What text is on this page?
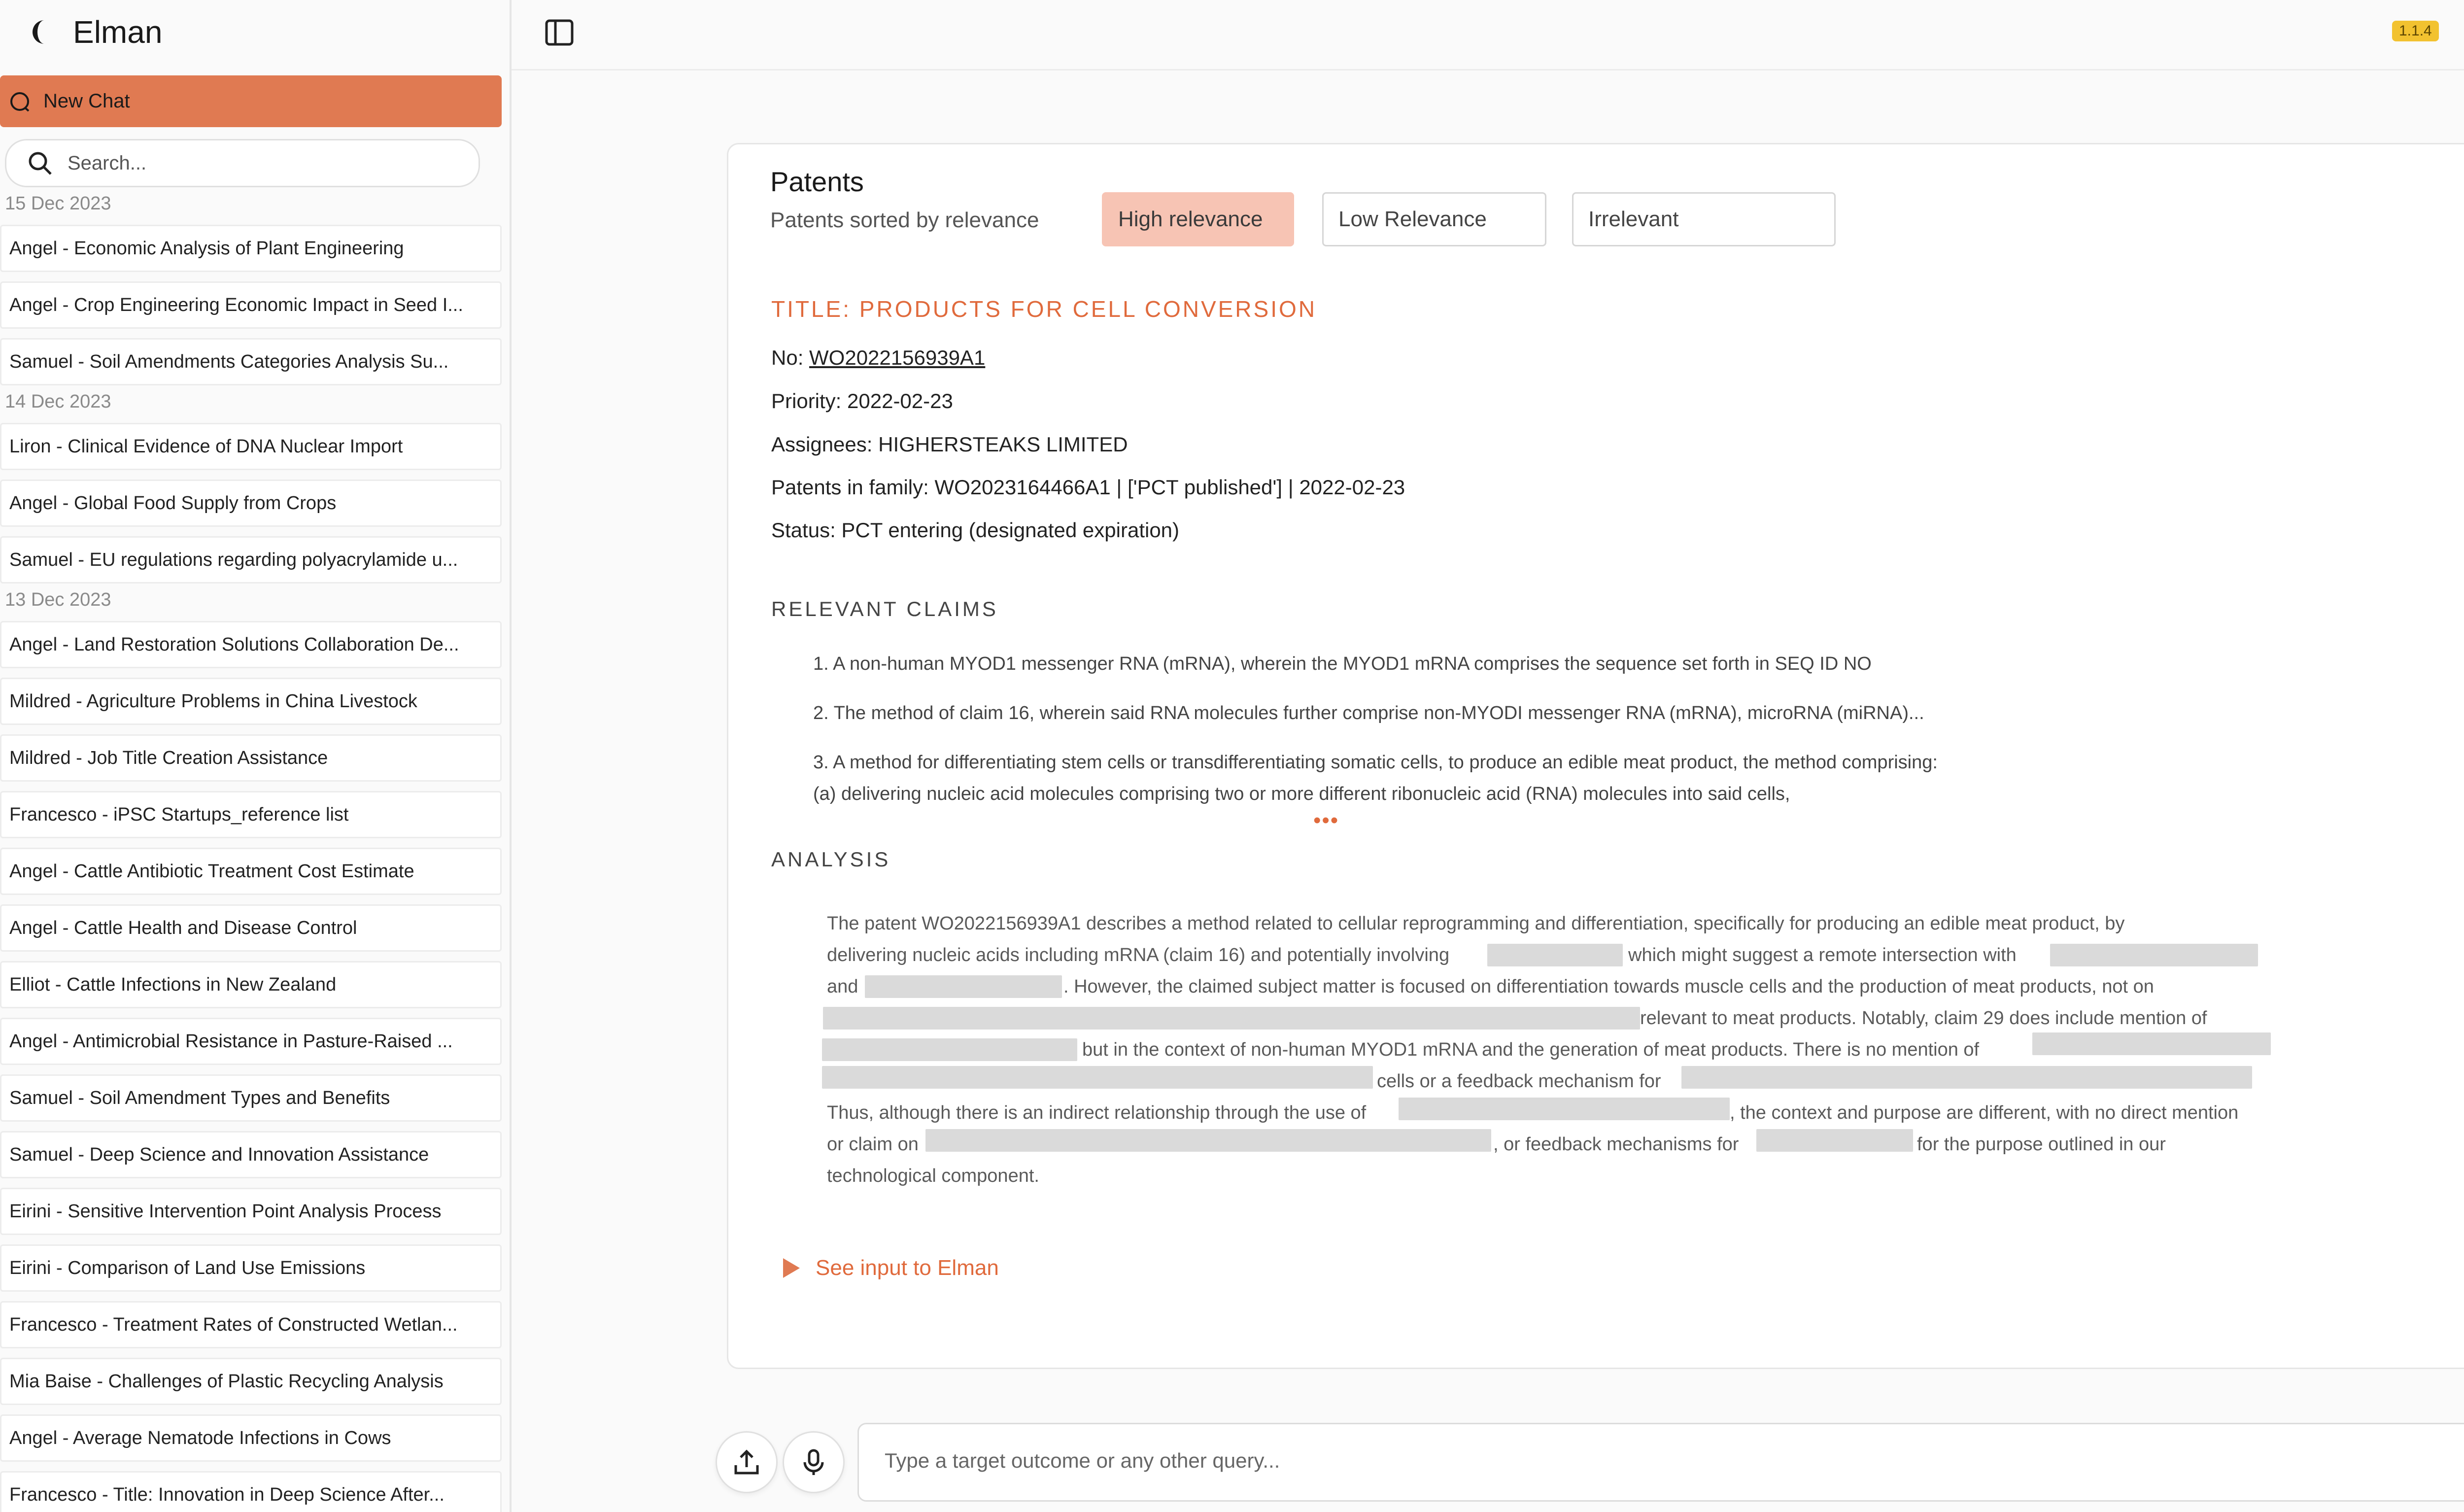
Elman
New Chat
Search...
15 Dec 2023
Angel - Economic Analysis of Plant Engineering
Angel - Crop Engineering Economic Impact in Seed I...
Samuel - Soil Amendments Categories Analysis Su...
14 Dec 2023
Liron - Clinical Evidence of DNA Nuclear Import
Angel - Global Food Supply from Crops
Samuel - EU regulations regarding polyacrylamide u...
13 Dec 2023
Angel - Land Restoration Solutions Collaboration De...
Mildred - Agriculture Problems in China Livestock
Mildred - Job Title Creation Assistance
Francesco - iPSC Startups_reference list
Angel - Cattle Antibiotic Treatment Cost Estimate
Angel - Cattle Health and Disease Control
Elliot - Cattle Infections in New Zealand
Angel - Antimicrobial Resistance in Pasture-Raised ...
Samuel - Soil Amendment Types and Benefits
Samuel - Deep Science and Innovation Assistance
Eirini - Sensitive Intervention Point Analysis Process
Eirini - Comparison of Land Use Emissions
Francesco - Treatment Rates of Constructed Wetlan...
Mia Baise - Challenges of Plastic Recycling Analysis
Angel - Average Nematode Infections in Cows
Francesco - Title: Innovation in Deep Science After...
1.1.4
Patents
Patents sorted by relevance	High relevance	Low Relevance	Irrelevant
TITLE: PRODUCTS FOR CELL CONVERSION
No: WO2022156939A1
Priority: 2022-02-23
Assignees: HIGHERSTEAKS LIMITED
Patents in family: WO2023164466A1 | ['PCT published'] | 2022-02-23
Status: PCT entering (designated expiration)
RELEVANT CLAIMS
1. A non-human MYOD1 messenger RNA (mRNA), wherein the MYOD1 mRNA comprises the sequence set forth in SEQ ID NO
2. The method of claim 16, wherein said RNA molecules further comprise non-MYODI messenger RNA (mRNA), microRNA (miRNA)...
3. A method for differentiating stem cells or transdifferentiating somatic cells, to produce an edible meat product, the method comprising:
(a) delivering nucleic acid molecules comprising two or more different ribonucleic acid (RNA) molecules into said cells,
•••
ANALYSIS
The patent WO2022156939A1 describes a method related to cellular reprogramming and differentiation, specifically for producing an edible meat product, by
delivering nucleic acids including mRNA (claim 16) and potentially involving	which might suggest a remote intersection with
and	. However, the claimed subject matter is focused on differentiation towards muscle cells and the production of meat products, not on
relevant to meat products. Notably, claim 29 does include mention of
but in the context of non-human MYOD1 mRNA and the generation of meat products. There is no mention of
cells or a feedback mechanism for
Thus, although there is an indirect relationship through the use of	, the context and purpose are different, with no direct mention
or claim on	, or feedback mechanisms for	for the purpose outlined in our
technological component.
See input to Elman
Type a target outcome or any other query...
